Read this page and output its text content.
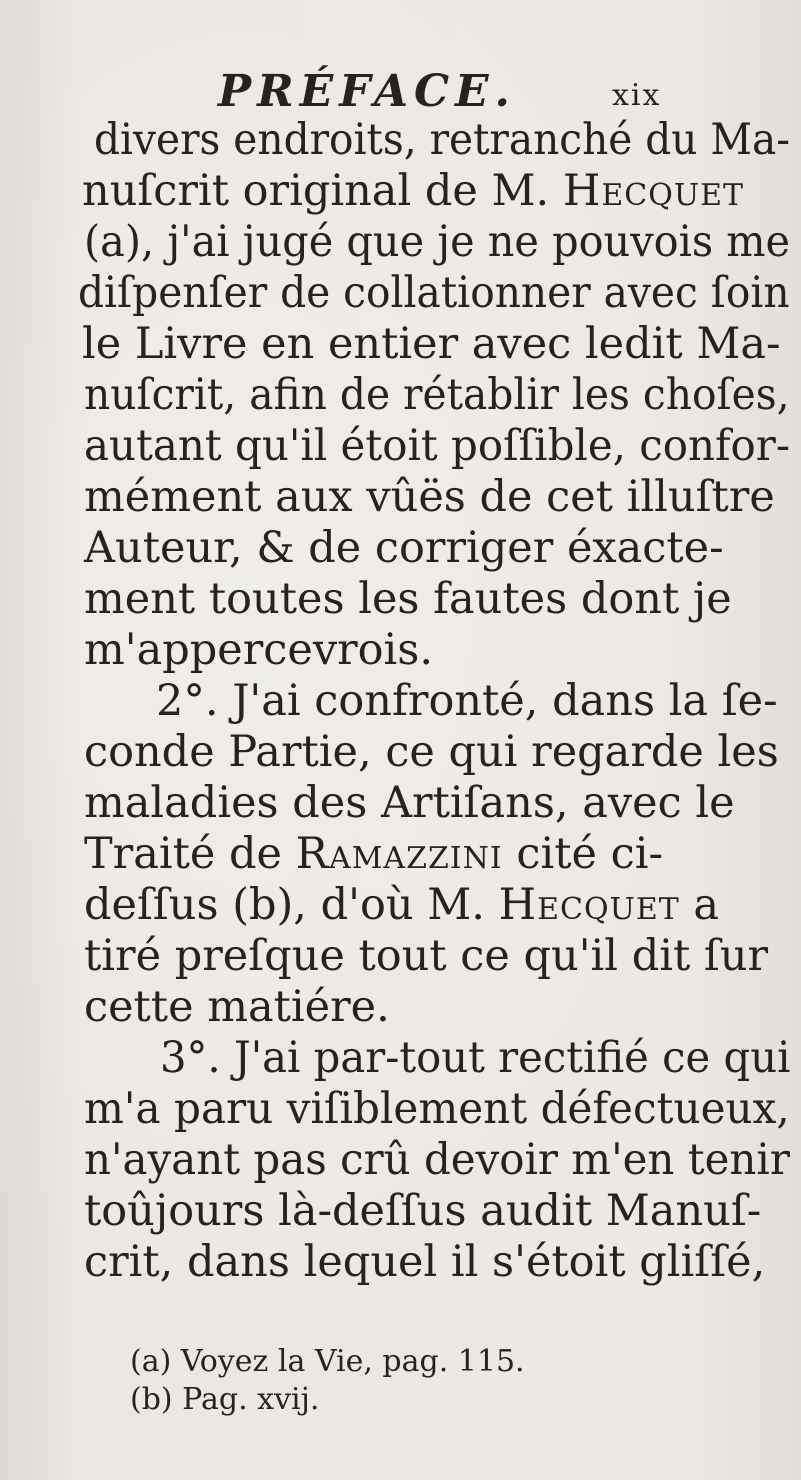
PRÉFACE.	xix
divers endroits, retranché du Ma-
nuſcrit original de M. Hecquet
(a), j'ai jugé que je ne pouvois me
diſpenſer de collationner avec ſoin
le Livre en entier avec ledit Ma-
nuſcrit, afin de rétablir les choſes,
autant qu'il étoit poſſible, confor-
mément aux vûës de cet illuſtre
Auteur, & de corriger éxacte-
ment toutes les fautes dont je
m'appercevrois.
2°. J'ai confronté, dans la ſe-
conde Partie, ce qui regarde les
maladies des Artiſans, avec le
Traité de Ramazzini cité ci-
deſſus (b), d'où M. Hecquet a
tiré preſque tout ce qu'il dit ſur
cette matiére.
3°. J'ai par-tout rectifié ce qui
m'a paru viſiblement défectueux,
n'ayant pas crû devoir m'en tenir
toûjours là-deſſus audit Manuſ-
crit, dans lequel il s'étoit gliſſé,
(a) Voyez la Vie, pag. 115.
(b) Pag. xvij.
